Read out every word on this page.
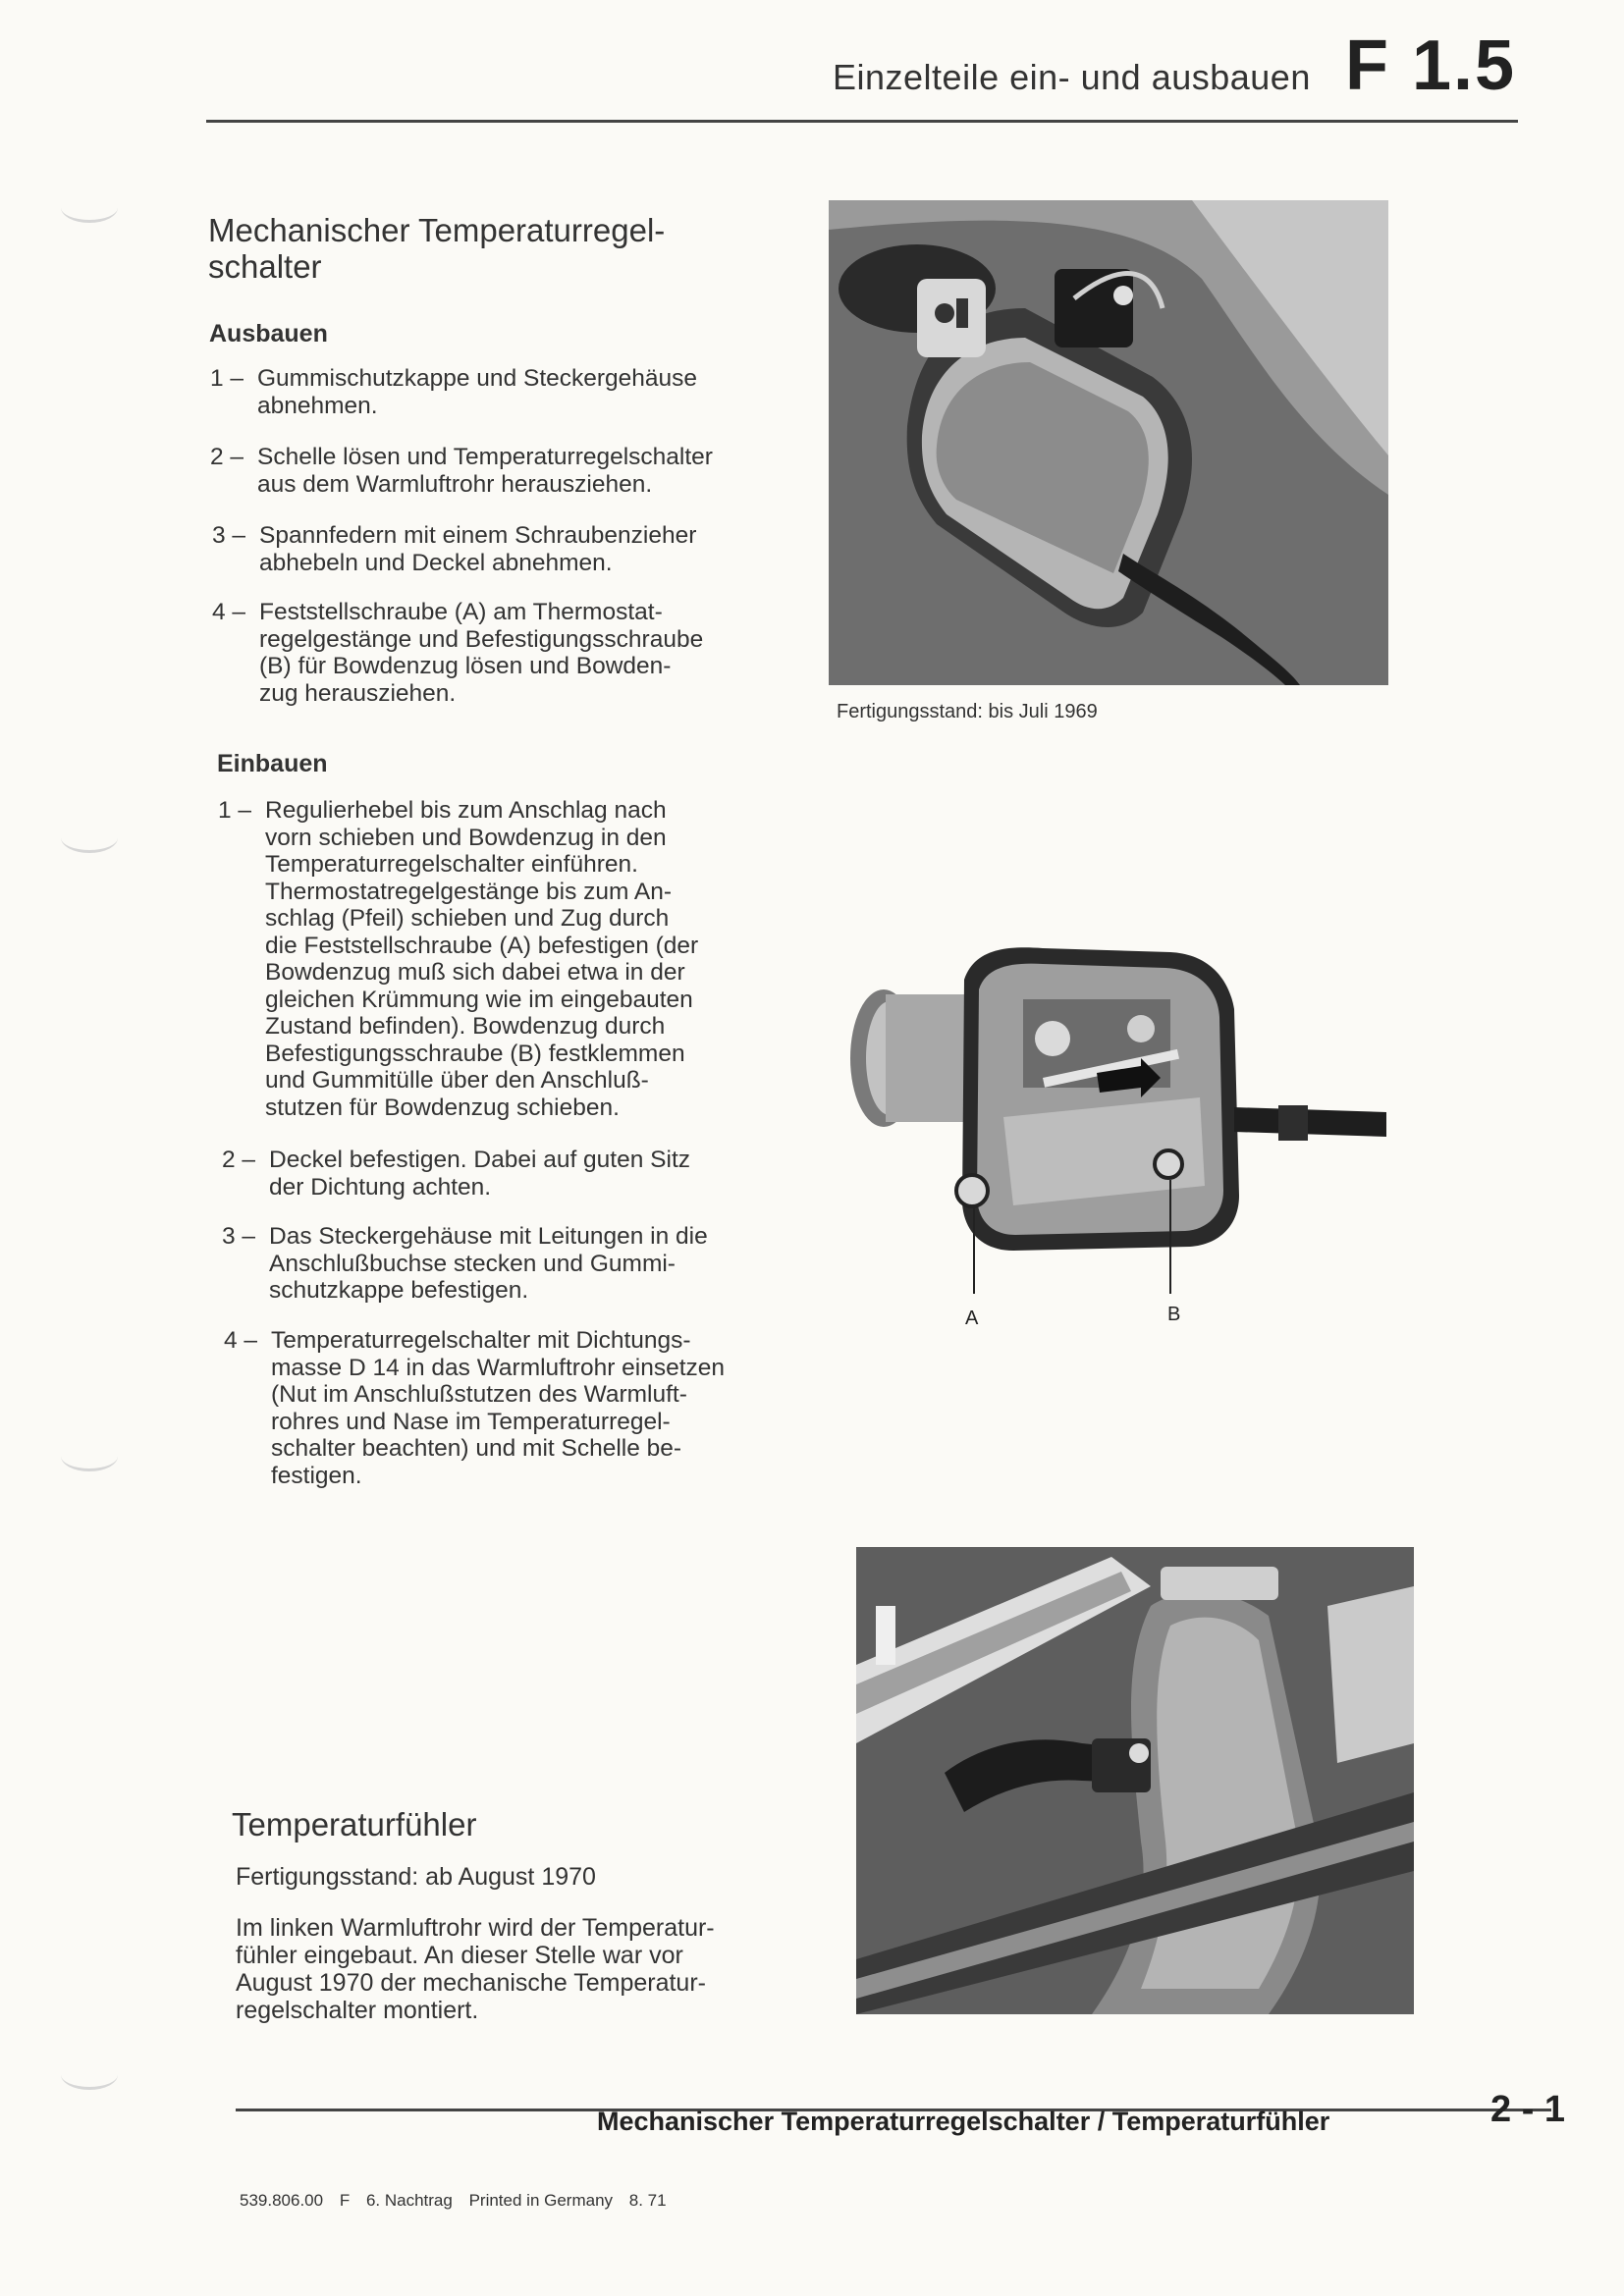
Einzelteile ein- und ausbauen F 1.5
Mechanischer Temperaturregel-
schalter
Ausbauen
1 – Gummischutzkappe und Steckergehäuse
abnehmen.
2 – Schelle lösen und Temperaturregelschalter
aus dem Warmluftrohr herausziehen.
3 – Spannfedern mit einem Schraubenzieher
abhebeln und Deckel abnehmen.
4 – Feststellschraube (A) am Thermostat-
regelgestänge und Befestigungsschraube
(B) für Bowdenzug lösen und Bowden-
zug herausziehen.
Einbauen
1 – Regulierhebel bis zum Anschlag nach
vorn schieben und Bowdenzug in den
Temperaturregelschalter einführen.
Thermostatregelgestänge bis zum An-
schlag (Pfeil) schieben und Zug durch
die Feststellschraube (A) befestigen (der
Bowdenzug muß sich dabei etwa in der
gleichen Krümmung wie im eingebauten
Zustand befinden). Bowdenzug durch
Befestigungsschraube (B) festklemmen
und Gummitülle über den Anschluß-
stutzen für Bowdenzug schieben.
2 – Deckel befestigen. Dabei auf guten Sitz
der Dichtung achten.
3 – Das Steckergehäuse mit Leitungen in die
Anschlußbuchse stecken und Gummi-
schutzkappe befestigen.
4 – Temperaturregelschalter mit Dichtungs-
masse D 14 in das Warmluftrohr einsetzen
(Nut im Anschlußstutzen des Warmluft-
rohres und Nase im Temperaturregel-
schalter beachten) und mit Schelle be-
festigen.
Temperaturfühler
Fertigungsstand: ab August 1970
Im linken Warmluftrohr wird der Temperatur-
fühler eingebaut. An dieser Stelle war vor
August 1970 der mechanische Temperatur-
regelschalter montiert.
Fertigungsstand: bis Juli 1969
A	B
Mechanischer Temperaturregelschalter / Temperaturfühler	2 - 1
539.806.00 F 6. Nachtrag Printed in Germany 8. 71
